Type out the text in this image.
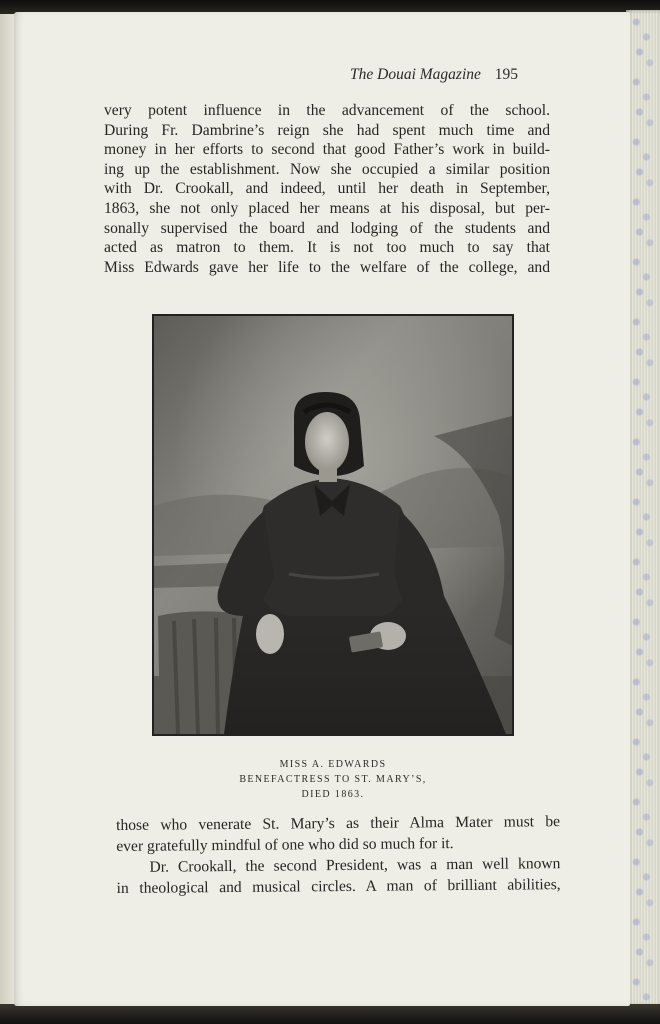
The Douai Magazine 195

very potent influence in the advancement of the school.
During Fr. Dambrine’s reign she had spent much time and
money in her efforts to second that good Father’s work in build-
ing up the establishment. Now she occupied a similar position
with Dr. Crookall, and indeed, until her death in September,
1863, she not only placed her means at his disposal, but per-
sonally supervised the board and lodging of the students and
acted as matron to them. It is not too much to say that
Miss Edwards gave her life to the welfare of the college, and

MISS A. EDWARDS
BENEFACTRESS TO ST. MARY’S,
DIED 1863.

those who venerate St. Mary’s as their Alma Mater must be
ever gratefully mindful of one who did so much for it.
Dr. Crookall, the second President, was a man well known
in theological and musical circles. A man of brilliant abilities,
